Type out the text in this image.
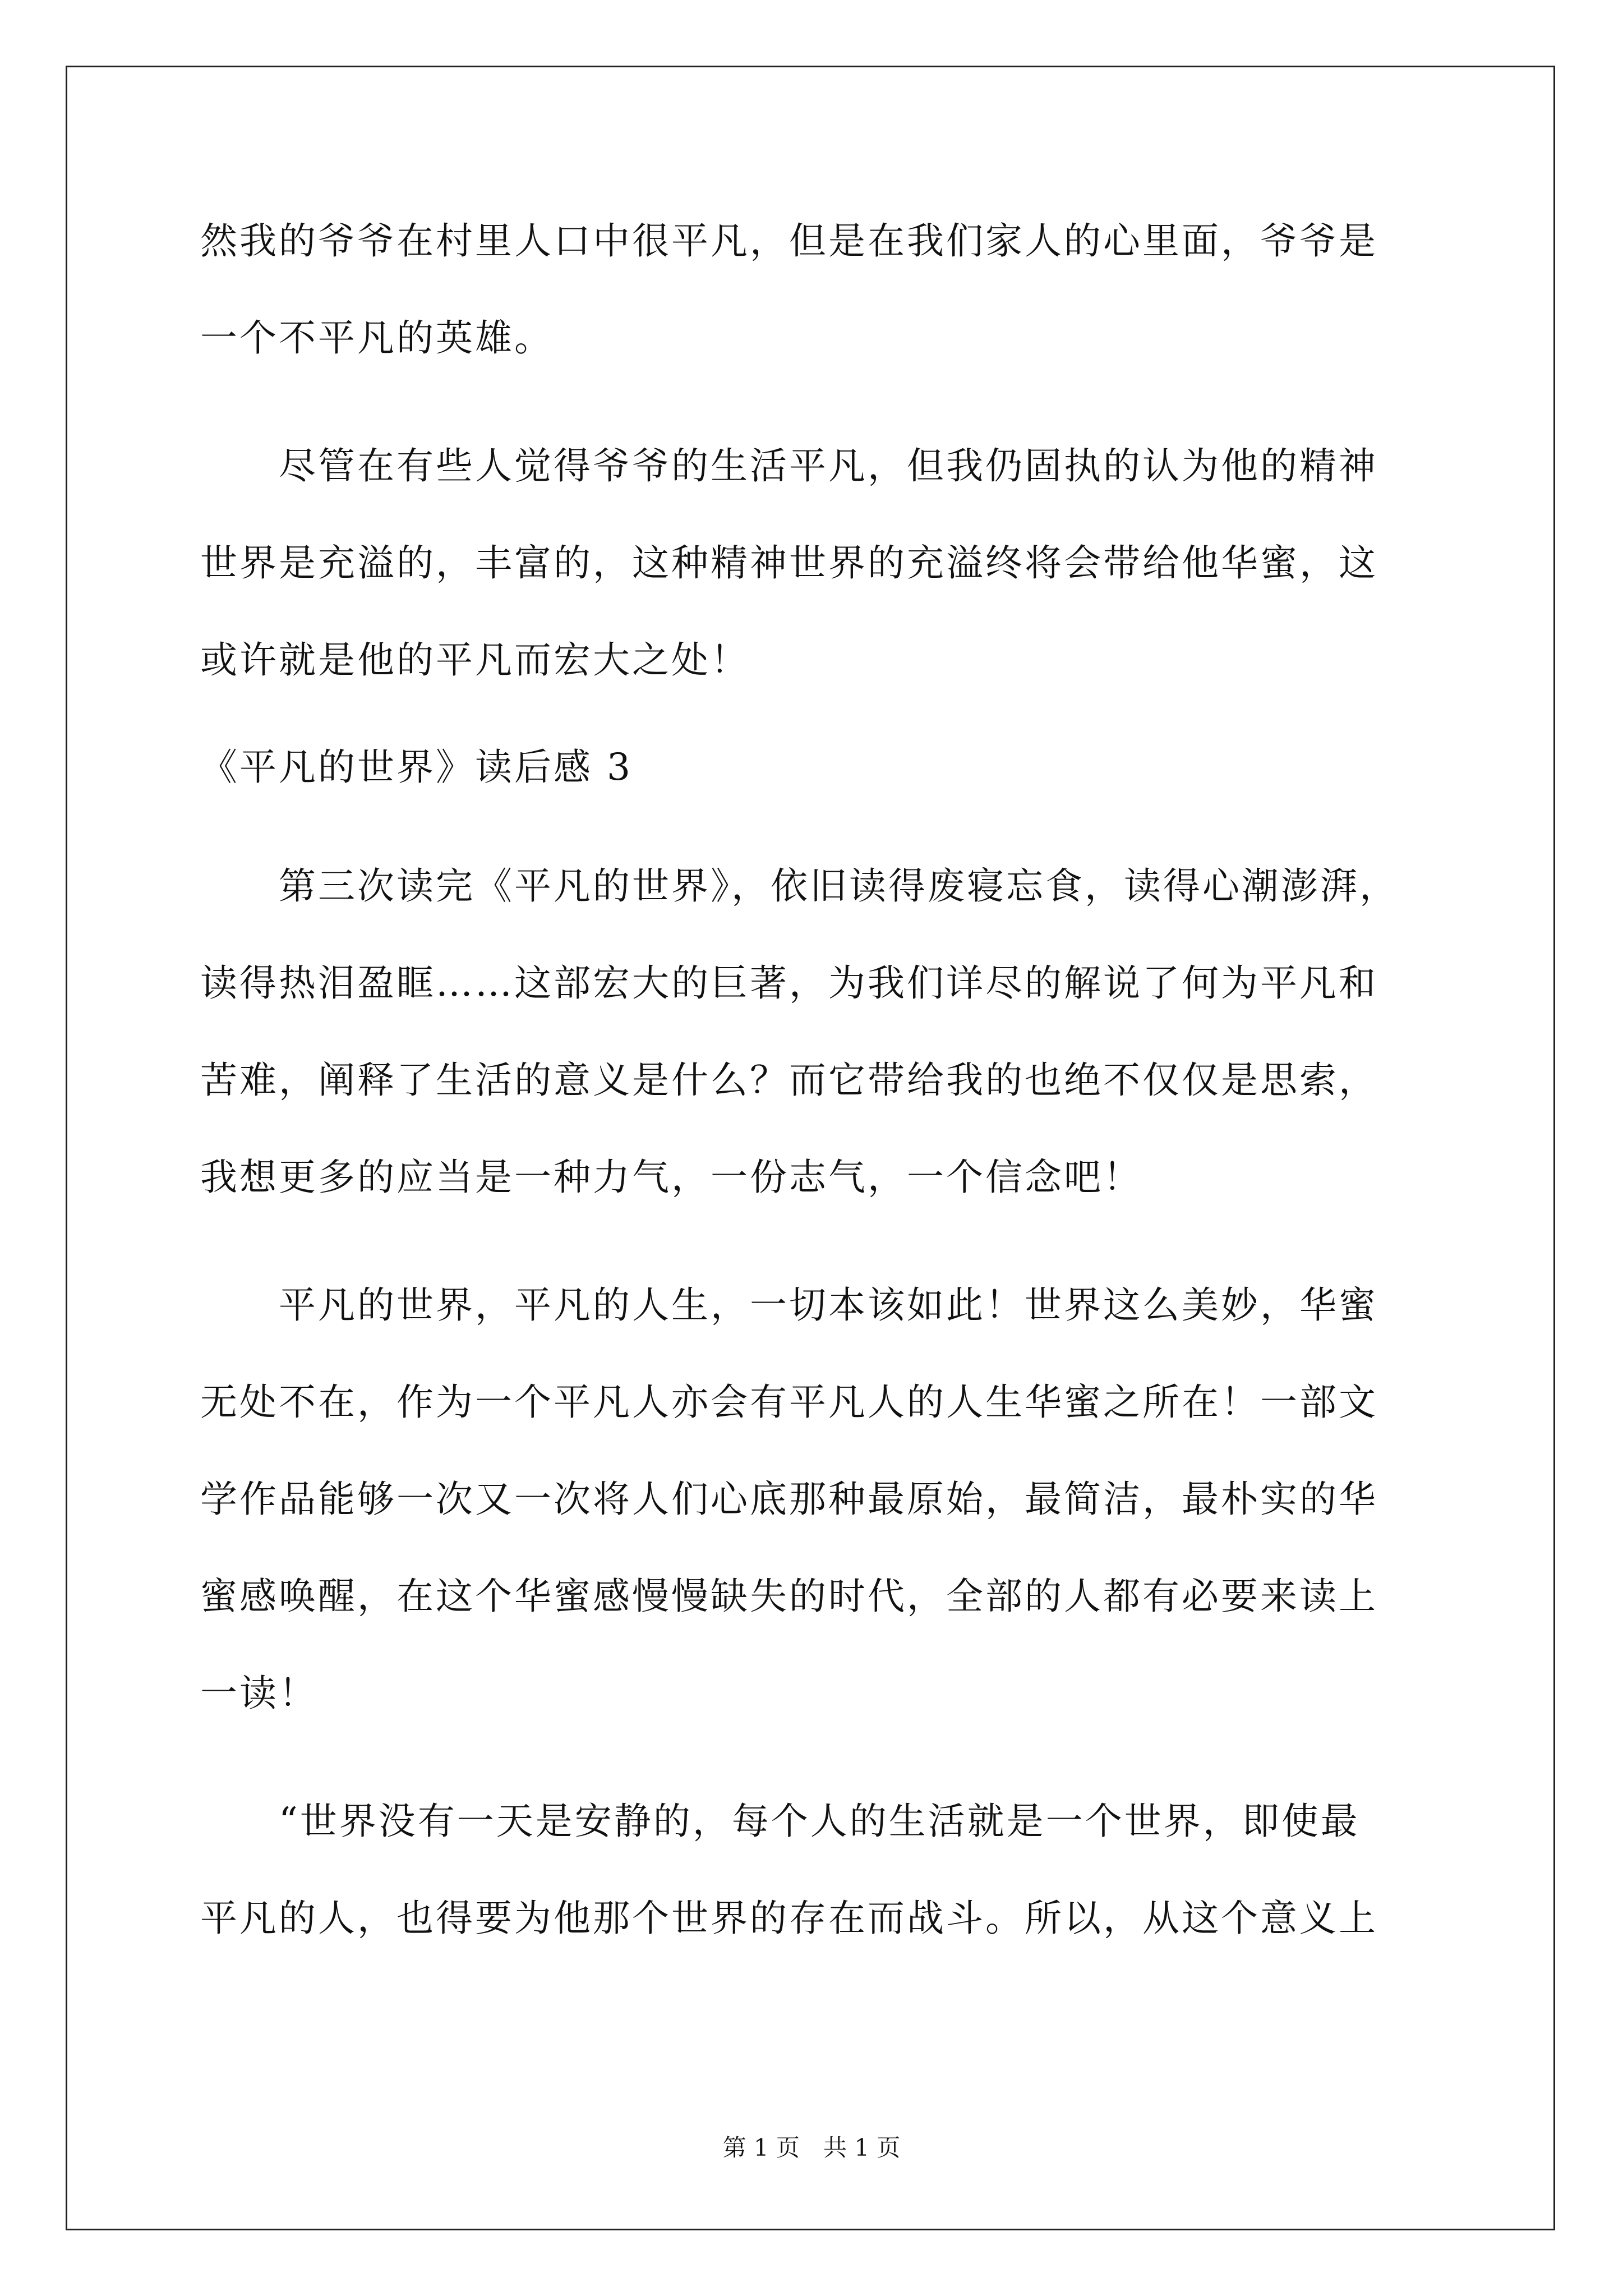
然我的爷爷在村里人口中很平凡，但是在我们家人的心里面，爷爷是
一个不平凡的英雄。
　　尽管在有些人觉得爷爷的生活平凡，但我仍固执的认为他的精神
世界是充溢的，丰富的，这种精神世界的充溢终将会带给他华蜜，这
或许就是他的平凡而宏大之处！
《平凡的世界》读后感 3
　　第三次读完《平凡的世界》，依旧读得废寝忘食，读得心潮澎湃，
读得热泪盈眶……这部宏大的巨著，为我们详尽的解说了何为平凡和
苦难，阐释了生活的意义是什么？而它带给我的也绝不仅仅是思索，
我想更多的应当是一种力气，一份志气，一个信念吧！
　　平凡的世界，平凡的人生，一切本该如此！世界这么美妙，华蜜
无处不在，作为一个平凡人亦会有平凡人的人生华蜜之所在！一部文
学作品能够一次又一次将人们心底那种最原始，最简洁，最朴实的华
蜜感唤醒，在这个华蜜感慢慢缺失的时代，全部的人都有必要来读上
一读！
　　“世界没有一天是安静的，每个人的生活就是一个世界，即使最
平凡的人，也得要为他那个世界的存在而战斗。所以，从这个意义上
第 1 页　共 1 页
